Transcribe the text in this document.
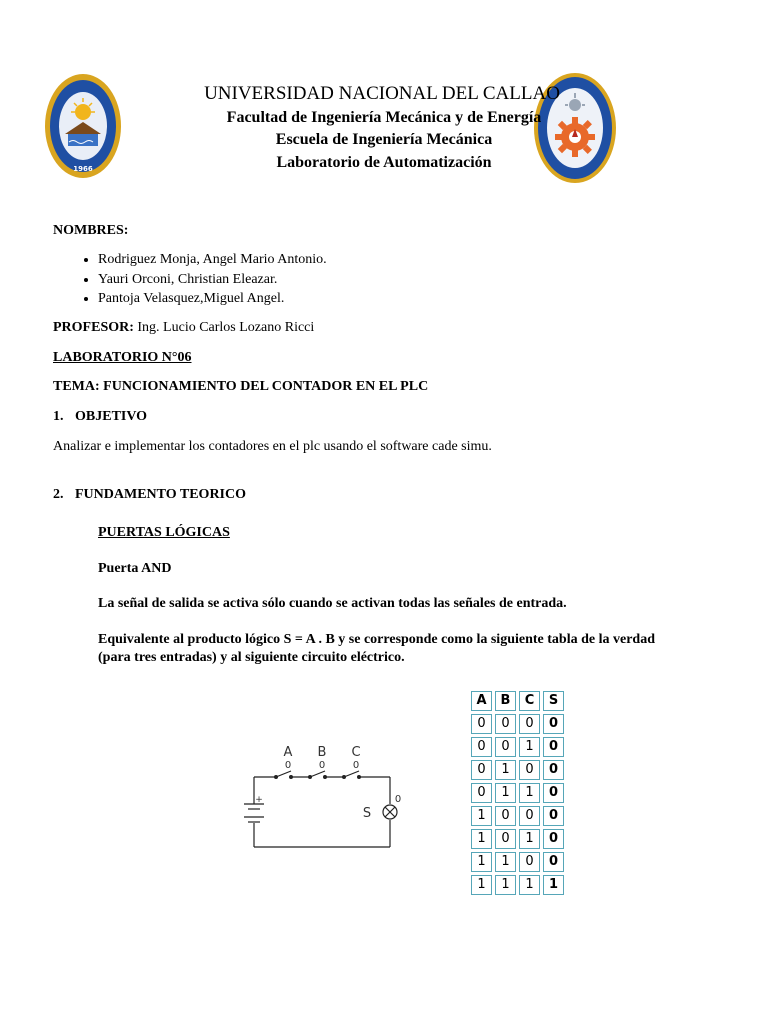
1966
UNIVERSIDAD NACIONAL DEL CALLAO
Facultad de Ingeniería Mecánica y de Energía
Escuela de Ingeniería Mecánica
Laboratorio de Automatización
NOMBRES:
• Rodriguez Monja, Angel Mario Antonio.
• Yauri Orconi, Christian Eleazar.
• Pantoja Velasquez,Miguel Angel.
PROFESOR: Ing. Lucio Carlos Lozano Ricci
LABORATORIO N°06
TEMA: FUNCIONAMIENTO DEL CONTADOR EN EL PLC
1. OBJETIVO
Analizar e implementar los contadores en el plc usando el software cade simu.
2. FUNDAMENTO TEORICO
PUERTAS LÓGICAS
Puerta AND
La señal de salida se activa sólo cuando se activan todas las señales de entrada.
Equivalente al producto lógico S = A . B y se corresponde como la siguiente tabla de la verdad
(para tres entradas) y al siguiente circuito eléctrico.
A B C
0	0	0
S
0
+
A	B	C	S
0	0	0	0
0	0	1	0
0	1	0	0
0	1	1	0
1	0	0	0
1	0	1	0
1	1	0	0
1	1	1	1
